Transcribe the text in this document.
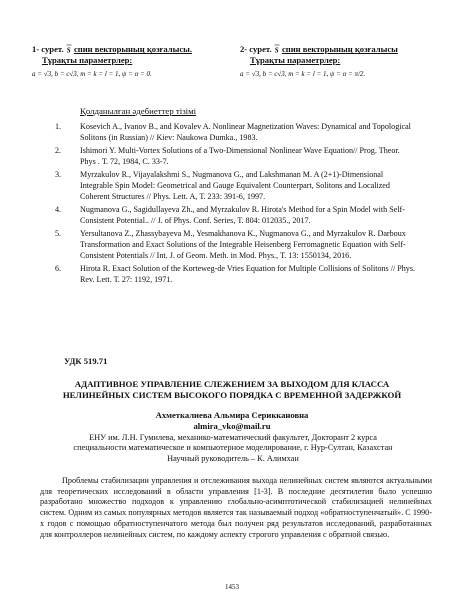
1- сурет. S спин векторының қозғалысы.
Тұрақты параметрлер:
a = √3, b = c√3, m = k = l = 1, ψ = α = 0.
2- сурет. S спин векторының қозғалысы
Тұрақты параметрлер:
a = √3, b = c√3, m = k = l = 1, ψ = α = π/2.
Қолданылған әдебиеттер тізімі
1. Kosevich A., Ivanov B., and Kovalev A. Nonlinear Magnetization Waves: Dynamical and Topological Solitons (in Russian) // Kiev: Naukowa Dumka., 1983.
2. Ishimori Y. Multi-Vortex Solutions of a Two-Dimensional Nonlinear Wave Equation// Prog. Theor. Phys . Т. 72, 1984, С. 33-7.
3. Myrzakulov R., Vijayalakshmi S., Nugmanova G., and Lakshmanan M. A (2+1)-Dimensional Integrable Spin Model: Geometrical and Gauge Equivalent Counterpart, Solitons and Localized Coherent Structures // Phys. Lett. A, Т. 233: 391-6, 1997.
4. Nugmanova G., Sagidullayeva Zh., and Myrzakulov R. Hirota's Method for a Spin Model with Self-Consistent Potential.. // J. of Phys. Conf. Series, Т. 804: 012035., 2017.
5. Yersultanova Z., Zhassybayeva M., Yesmakhanova K., Nugmanova G., and Myrzakulov R. Darboux Transformation and Exact Solutions of the Integrable Heisenberg Ferromagnetic Equation with Self-Consistent Potentials // Int. J. of Geom. Meth. in Mod. Phys., Т. 13: 1550134, 2016.
6. Hirota R. Exact Solution of the Korteweg-de Vries Equation for Multiple Collisions of Solitons // Phys. Rev. Lett. Т. 27: 1192, 1971.
УДК 519.71
АДАПТИВНОЕ УПРАВЛЕНИЕ СЛЕЖЕНИЕМ ЗА ВЫХОДОМ ДЛЯ КЛАССА
НЕЛИНЕЙНЫХ СИСТЕМ ВЫСОКОГО ПОРЯДКА С ВРЕМЕННОЙ ЗАДЕРЖКОЙ
Ахметкалиева Альмира Сериккановна
almira_vko@mail.ru
ЕНУ им. Л.Н. Гумилева, механико-математический факультет, Докторант 2 курса
специальности математическое и компьютерное моделирование, г. Нур-Султан, Казахстан
Научный руководитель – К. Алимхан

Проблемы стабилизации управления и отслеживания выхода нелинейных систем являются актуальными для теоретических исследований в области управления [1-3]. В последние десятилетия было успешно разработано множество подходов к управлению глобально-асимптотической стабилизацией нелинейных систем. Одним из самых популярных методов является так называемый подход «обратноступенчатый». С 1990-х годов с помощью обратноступенчатого метода был получен ряд результатов исследований, разработанных для контроллеров нелинейных систем, по каждому аспекту строгого управления с обратной связью.

1453
